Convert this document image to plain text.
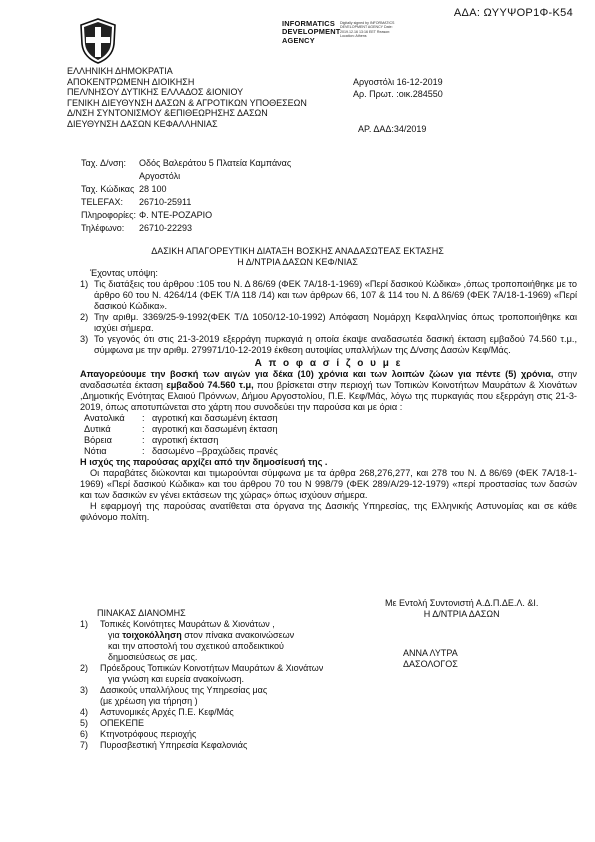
ΑΔΑ: ΩΥΥΨΟΡ1Φ-Κ54
INFORMATICS
DEVELOPMENT
AGENCY
Digitally signed by INFORMATICS DEVELOPMENT AGENCY Date: 2019.12.16 13:16 EET Reason: Location: Athens
ΕΛΛΗΝΙΚΗ ΔΗΜΟΚΡΑΤΙΑ
ΑΠΟΚΕΝΤΡΩΜΕΝΗ ΔΙΟΙΚΗΣΗ
ΠΕΛ/ΝΗΣΟΥ ΔΥΤΙΚΗΣ ΕΛΛΑΔΟΣ &ΙΟΝΙΟΥ
ΓΕΝΙΚΗ ΔΙΕΥΘΥΝΣΗ ΔΑΣΩΝ & ΑΓΡΟΤΙΚΩΝ ΥΠΟΘΕΣΕΩΝ
Δ/ΝΣΗ ΣΥΝΤΟΝΙΣΜΟΥ &ΕΠΙΘΕΩΡΗΣΗΣ ΔΑΣΩΝ
ΔΙΕΥΘΥΝΣΗ ΔΑΣΩΝ ΚΕΦΑΛΛΗΝΙΑΣ
Αργοστόλι 16-12-2019
Αρ. Πρωτ. :οικ.284550
ΑΡ. ΔΑΔ:34/2019
Ταχ. Δ/νση:	Οδός Βαλεράτου 5 Πλατεία Καμπάνας
Αργοστόλι
Ταχ. Κώδικας 28 100
TELEFAX:	26710-25911
Πληροφορίες: Φ. ΝΤΕ-ΡΟΖΑΡΙΟ
Τηλέφωνο:	26710-22293
ΔΑΣΙΚΗ ΑΠΑΓΟΡΕΥΤΙΚΗ ΔΙΑΤΑΞΗ ΒΟΣΚΗΣ ΑΝΑΔΑΣΩΤΕΑΣ ΕΚΤΑΣΗΣ
Η Δ/ΝΤΡΙΑ ΔΑΣΩΝ ΚΕΦ/ΝΙΑΣ
Έχοντας υπόψη:
1) Τις διατάξεις του άρθρου :105 του Ν. Δ 86/69 (ΦΕΚ 7Α/18-1-1969) «Περί δασικού Κώδικα» ,όπως τροποποιήθηκε με το άρθρο 60 του Ν. 4264/14 (ΦΕΚ Τ/Α 118 /14) και των άρθρων 66, 107 & 114 του Ν. Δ 86/69 (ΦΕΚ 7Α/18-1-1969) «Περί δασικού Κώδικα».
2) Την αριθμ. 3369/25-9-1992(ΦΕΚ Τ/Δ 1050/12-10-1992) Απόφαση Νομάρχη Κεφαλληνίας όπως τροποποιήθηκε και ισχύει σήμερα.
3) Το γεγονός ότι στις 21-3-2019 εξερράγη πυρκαγιά η οποία έκαψε αναδασωτέα δασική έκταση εμβαδού 74.560 τ.μ., σύμφωνα με την αριθμ. 279971/10-12-2019 έκθεση αυτοψίας υπαλλήλων της Δ/νσης Δασών Κεφ/Μάς.
Α π ο φ α σ ί ζ ο υ μ ε
Απαγορεύουμε την βοσκή των αιγών για δέκα (10) χρόνια και των λοιπών ζώων για πέντε (5) χρόνια, στην αναδασωτέα έκταση εμβαδού 74.560 τ.μ, που βρίσκεται στην περιοχή των Τοπικών Κοινοτήτων Μαυράτων & Χιονάτων ,Δημοτικής Ενότητας Ελαιού Πρόννων, Δήμου Αργοστολίου, Π.Ε. Κεφ/Μάς, λόγω της πυρκαγιάς που εξερράγη στις 21-3-2019, όπως αποτυπώνεται στο χάρτη που συνοδεύει την παρούσα και με όρια :
Ανατολικά	: αγροτική και δασωμένη έκταση
Δυτικά	: αγροτική και δασωμένη έκταση
Βόρεια	: αγροτική έκταση
Νότια	: δασωμένο –βραχώδεις πρανές
Η ισχύς της παρούσας αρχίζει από την δημοσίευσή της .
Οι παραβάτες διώκονται και τιμωρούνται σύμφωνα με τα άρθρα 268,276,277, και 278 του Ν. Δ 86/69 (ΦΕΚ 7Α/18-1-1969) «Περί δασικού Κώδικα» και του άρθρου 70 του Ν 998/79 (ΦΕΚ 289/Α/29-12-1979) «περί προστασίας των δασών και των δασικών εν γένει εκτάσεων της χώρας» όπως ισχύουν σήμερα.
Η εφαρμογή της παρούσας ανατίθεται στα όργανα της Δασικής Υπηρεσίας, της Ελληνικής Αστυνομίας και σε κάθε φιλόνομο πολίτη.
Με Εντολή Συντονιστή Α.Δ.Π.ΔΕ.Λ. &Ι.
Η Δ/ΝΤΡΙΑ ΔΑΣΩΝ
ΑΝΝΑ ΛΥΤΡΑ
ΔΑΣΟΛΟΓΟΣ
ΠΙΝΑΚΑΣ ΔΙΑΝΟΜΗΣ
1)	Τοπικές Κοινότητες Μαυράτων & Χιονάτων ,
για τοιχοκόλληση στον πίνακα ανακοινώσεων
και την αποστολή του σχετικού αποδεικτικού
δημοσιεύσεως σε μας.
2)	Πρόεδρους Τοπικών Κοινοτήτων Μαυράτων & Χιονάτων
για γνώση και ευρεία ανακοίνωση.
3)	Δασικούς υπαλλήλους της Υπηρεσίας μας
(με χρέωση για τήρηση )
4)	Αστυνομικές Αρχές Π.Ε. Κεφ/Μάς
5)	ΟΠΕΚΕΠΕ
6)	Κτηνοτρόφους περιοχής
7)	Πυροσβεστική Υπηρεσία Κεφαλονιάς
